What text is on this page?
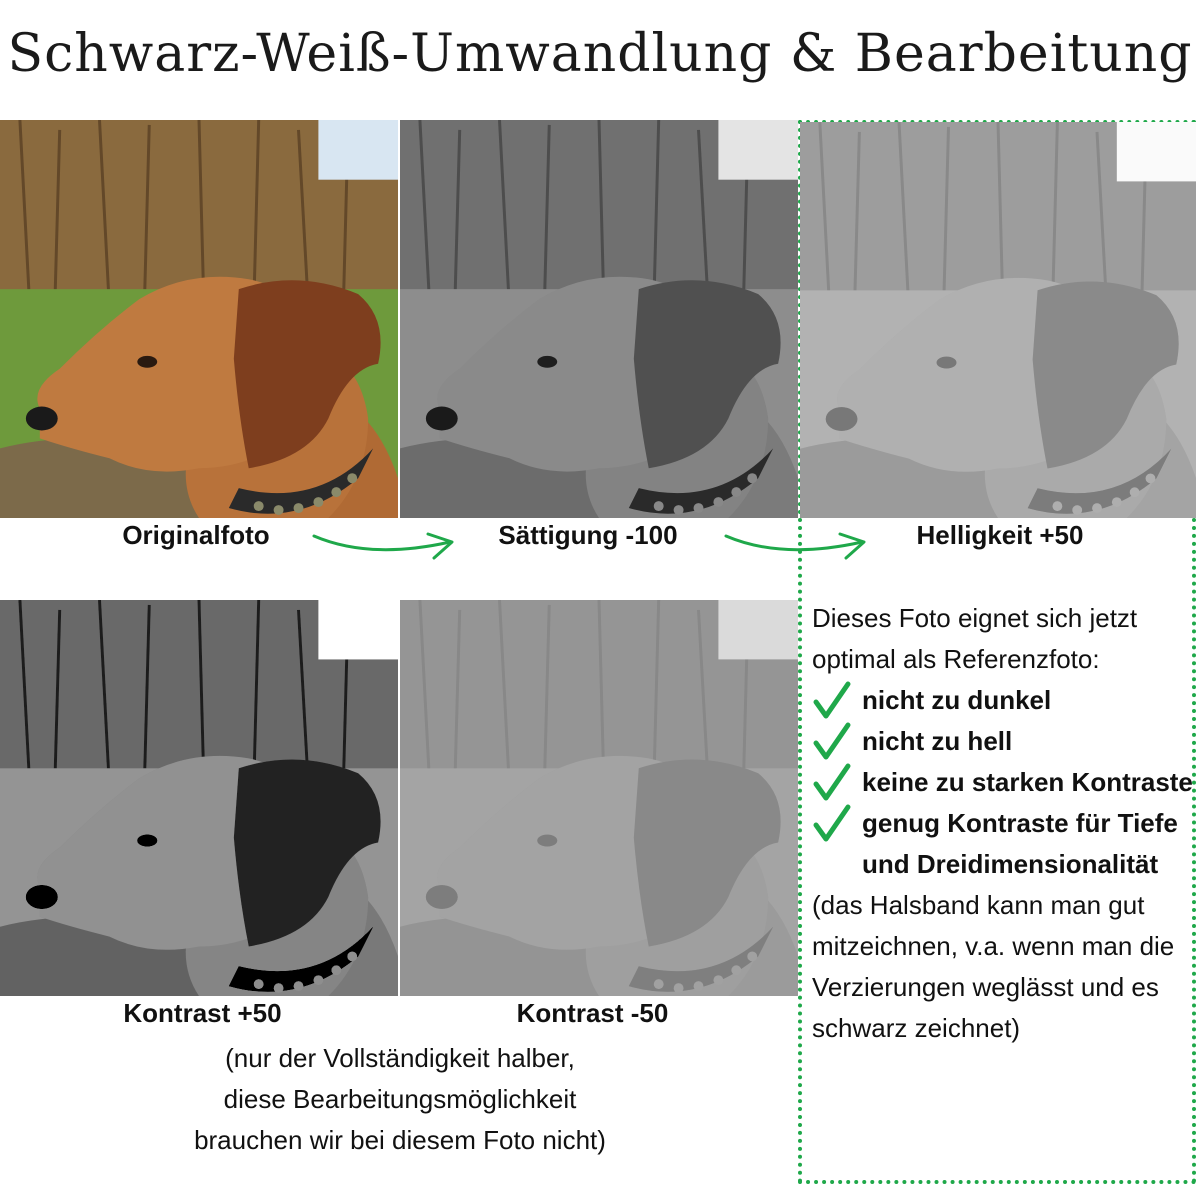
Schwarz-Weiß-Umwandlung & Bearbeitung
Originalfoto	Sättigung -100	Helligkeit +50
Kontrast +50	Kontrast -50
Dieses Foto eignet sich jetzt optimal als Referenzfoto:
nicht zu dunkel
nicht zu hell
keine zu starken Kontraste
genug Kontraste für Tiefe und Dreidimensionalität
(das Halsband kann man gut mitzeichnen, v.a. wenn man die Verzierungen weglässt und es schwarz zeichnet)
(nur der Vollständigkeit halber,
diese Bearbeitungsmöglichkeit
brauchen wir bei diesem Foto nicht)
